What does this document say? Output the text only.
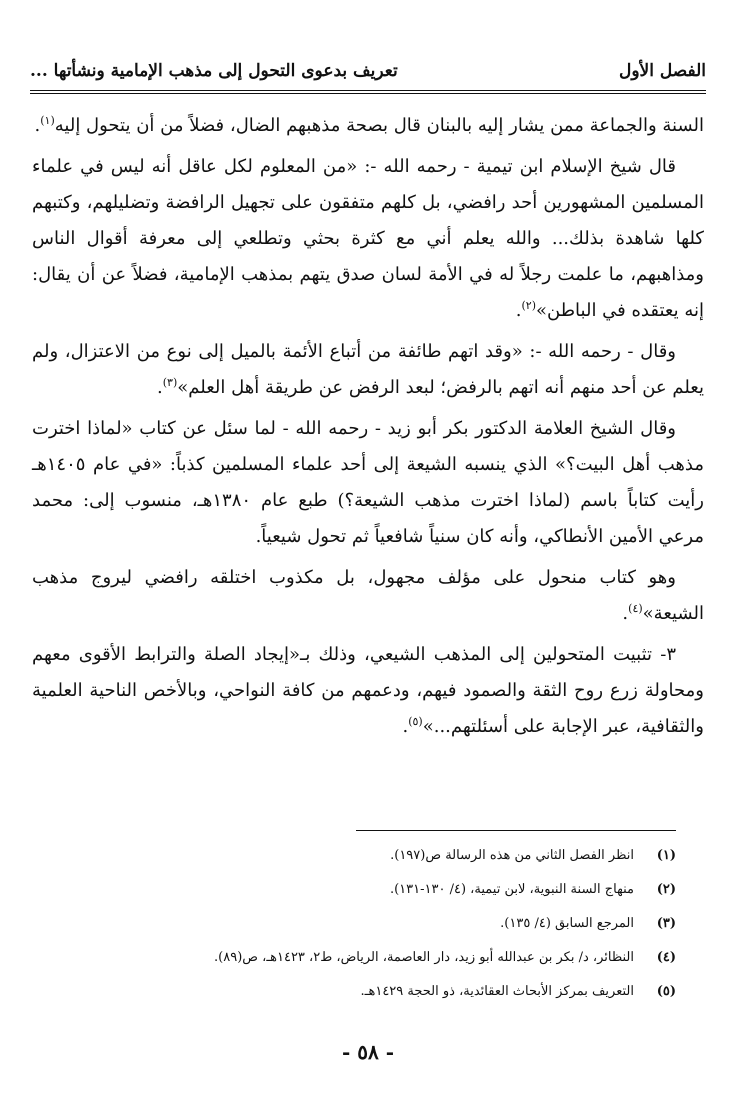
الفصل الأول
تعريف بدعوى التحول إلى مذهب الإمامية ونشأتها ...

السنة والجماعة ممن يشار إليه بالبنان قال بصحة مذهبهم الضال، فضلاً من أن يتحول إليه$^{(١)}$.

قال شيخ الإسلام ابن تيمية - رحمه الله -: «من المعلوم لكل عاقل أنه ليس في علماء المسلمين المشهورين أحد رافضي، بل كلهم متفقون على تجهيل الرافضة وتضليلهم، وكتبهم كلها شاهدة بذلك... والله يعلم أني مع كثرة بحثي وتطلعي إلى معرفة أقوال الناس ومذاهبهم، ما علمت رجلاً له في الأمة لسان صدق يتهم بمذهب الإمامية، فضلاً عن أن يقال: إنه يعتقده في الباطن»$^{(٢)}$.

وقال - رحمه الله -: «وقد اتهم طائفة من أتباع الأئمة بالميل إلى نوع من الاعتزال، ولم يعلم عن أحد منهم أنه اتهم بالرفض؛ لبعد الرفض عن طريقة أهل العلم»$^{(٣)}$.

وقال الشيخ العلامة الدكتور بكر أبو زيد - رحمه الله - لما سئل عن كتاب «لماذا اخترت مذهب أهل البيت؟» الذي ينسبه الشيعة إلى أحد علماء المسلمين كذباً: «في عام ١٤٠٥هـ رأيت كتاباً باسم (لماذا اخترت مذهب الشيعة؟) طبع عام ١٣٨٠هـ، منسوب إلى: محمد مرعي الأمين الأنطاكي، وأنه كان سنياً شافعياً ثم تحول شيعياً.

وهو كتاب منحول على مؤلف مجهول، بل مكذوب اختلقه رافضي ليروج مذهب الشيعة»$^{(٤)}$.

٣- تثبيت المتحولين إلى المذهب الشيعي، وذلك بـ«إيجاد الصلة والترابط الأقوى معهم ومحاولة زرع روح الثقة والصمود فيهم، ودعمهم من كافة النواحي، وبالأخص الناحية العلمية والثقافية، عبر الإجابة على أسئلتهم...»$^{(٥)}$.

(١)
انظر الفصل الثاني من هذه الرسالة ص(١٩٧).
(٢)
منهاج السنة النبوية، لابن تيمية، (٤/ ١٣٠-١٣١).
(٣)
المرجع السابق (٤/ ١٣٥).
(٤)
النظائر، د/ بكر بن عبدالله أبو زيد، دار العاصمة، الرياض، ط٢، ١٤٢٣هـ، ص(٨٩).
(٥)
التعريف بمركز الأبحاث العقائدية، ذو الحجة ١٤٢٩هـ.
- ٥٨ -
